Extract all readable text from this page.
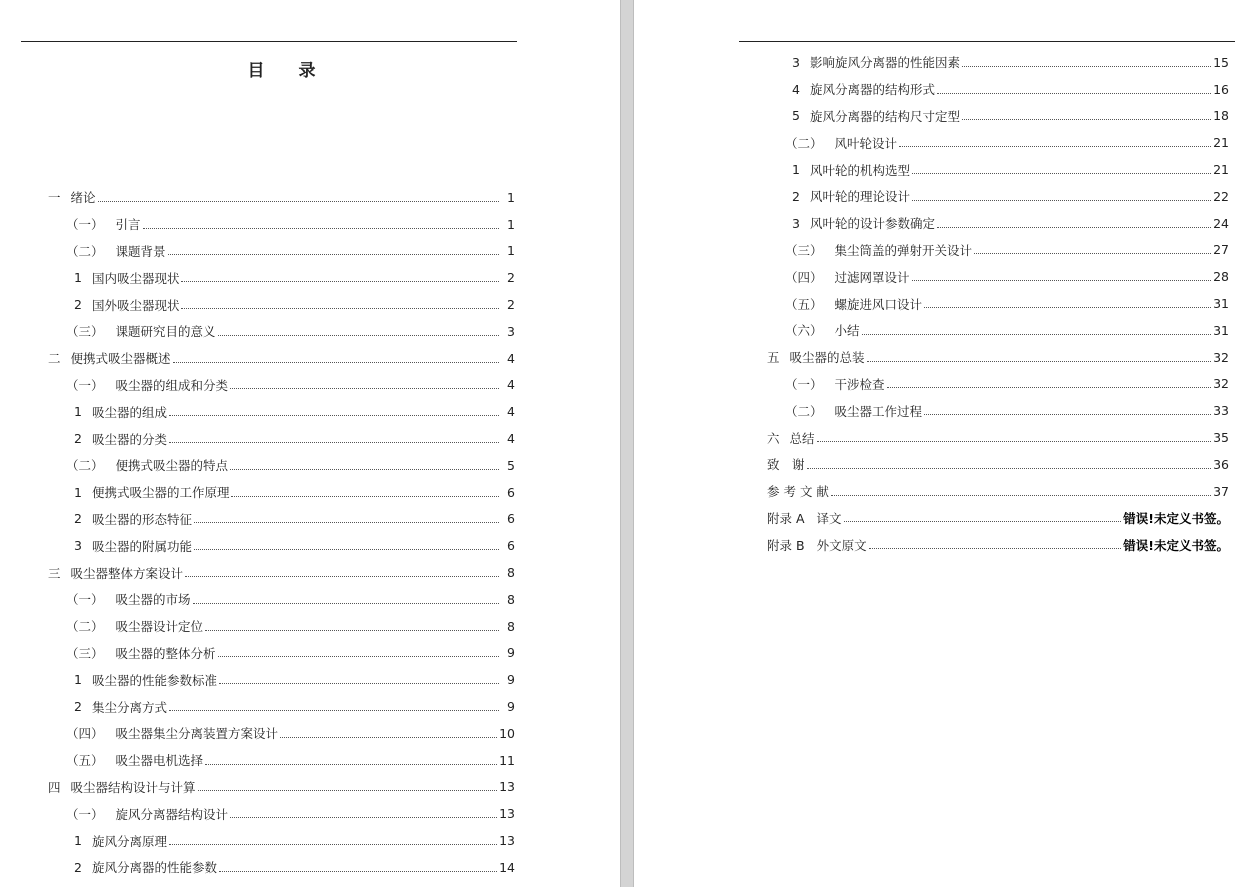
目 录
一 绪论	1
（一） 引言	1
（二） 课题背景	1
1 国内吸尘器现状	2
2 国外吸尘器现状	2
（三） 课题研究目的意义	3
二 便携式吸尘器概述	4
（一） 吸尘器的组成和分类	4
1 吸尘器的组成	4
2 吸尘器的分类	4
（二） 便携式吸尘器的特点	5
1 便携式吸尘器的工作原理	6
2 吸尘器的形态特征	6
3 吸尘器的附属功能	6
三 吸尘器整体方案设计	8
（一） 吸尘器的市场	8
（二） 吸尘器设计定位	8
（三） 吸尘器的整体分析	9
1 吸尘器的性能参数标准	9
2 集尘分离方式	9
（四） 吸尘器集尘分离装置方案设计	10
（五） 吸尘器电机选择	11
四 吸尘器结构设计与计算	13
（一） 旋风分离器结构设计	13
1 旋风分离原理	13
2 旋风分离器的性能参数	14
3 影响旋风分离器的性能因素	15
4 旋风分离器的结构形式	16
5 旋风分离器的结构尺寸定型	18
（二） 风叶轮设计	21
1 风叶轮的机构选型	21
2 风叶轮的理论设计	22
3 风叶轮的设计参数确定	24
（三） 集尘筒盖的弹射开关设计	27
（四） 过滤网罩设计	28
（五） 螺旋进风口设计	31
（六） 小结	31
五 吸尘器的总装	32
（一） 干涉检查	32
（二） 吸尘器工作过程	33
六 总结	35
致　谢	36
参 考 文 献	37
附录 A 译文	错误!未定义书签。
附录 B 外文原文	错误!未定义书签。
